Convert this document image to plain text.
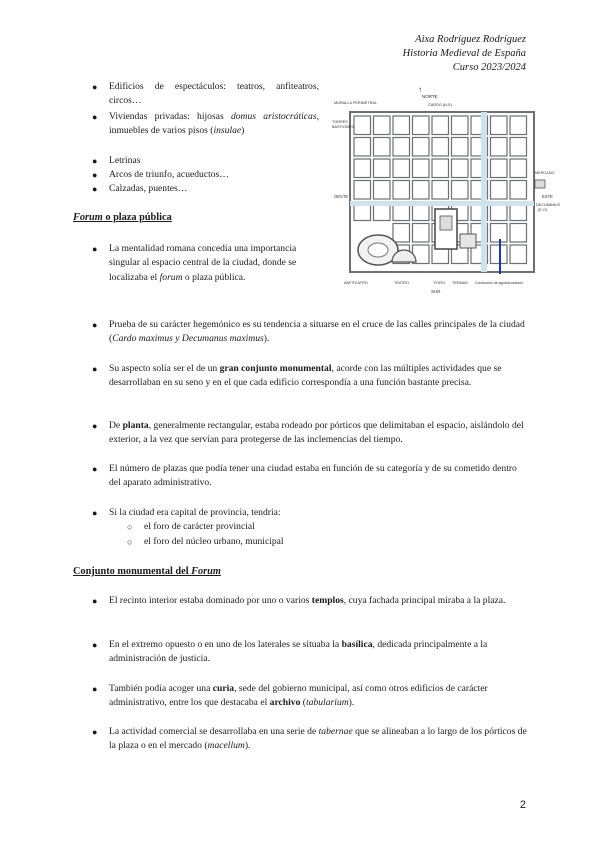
Aixa Rodríguez Rodríguez
Historia Medieval de España
Curso 2023/2024
● Edificios de espectáculos: teatros, anfiteatros, circos…
● Viviendas privadas: hijosas domus aristocráticas, inmuebles de varios pisos (insulae)
● Letrinas
● Arcos de triunfo, acueductos…
● Calzadas, puentes…
Forum o plaza pública
● La mentalidad romana concedía una importancia singular al espacio central de la ciudad, donde se localizaba el forum o plaza pública.
NORTE
↑
CARDO (N-S)
MURALLA PERIMETRAL
TORRES
BASTIONES
OESTE
MERCADO
ESTE
DECUMANUS
(E-O)
ANFITEATRO	TEATRO	FORO TERMAS Conducción de agua/Acueducto
SUR
● Prueba de su carácter hegemónico es su tendencia a situarse en el cruce de las calles principales de la ciudad (Cardo maximus y Decumanus maximus).
● Su aspecto solía ser el de un gran conjunto monumental, acorde con las múltiples actividades que se desarrollaban en su seno y en el que cada edificio correspondía a una función bastante precisa.
● De planta, generalmente rectangular, estaba rodeado por pórticos que delimitaban el espacio, aislándolo del exterior, a la vez que servían para protegerse de las inclemencias del tiempo.
● El número de plazas que podía tener una ciudad estaba en función de su categoría y de su cometido dentro del aparato administrativo.
● Si la ciudad era capital de provincia, tendría:
○ el foro de carácter provincial
○ el foro del núcleo urbano, municipal
Conjunto monumental del Forum
● El recinto interior estaba dominado por uno o varios templos, cuya fachada principal miraba a la plaza.
● En el extremo opuesto o en uno de los laterales se situaba la basílica, dedicada principalmente a la administración de justicia.
● También podía acoger una curia, sede del gobierno municipal, así como otros edificios de carácter administrativo, entre los que destacaba el archivo (tabularium).
● La actividad comercial se desarrollaba en una serie de tabernae que se alineaban a lo largo de los pórticos de la plaza o en el mercado (macellum).
2
